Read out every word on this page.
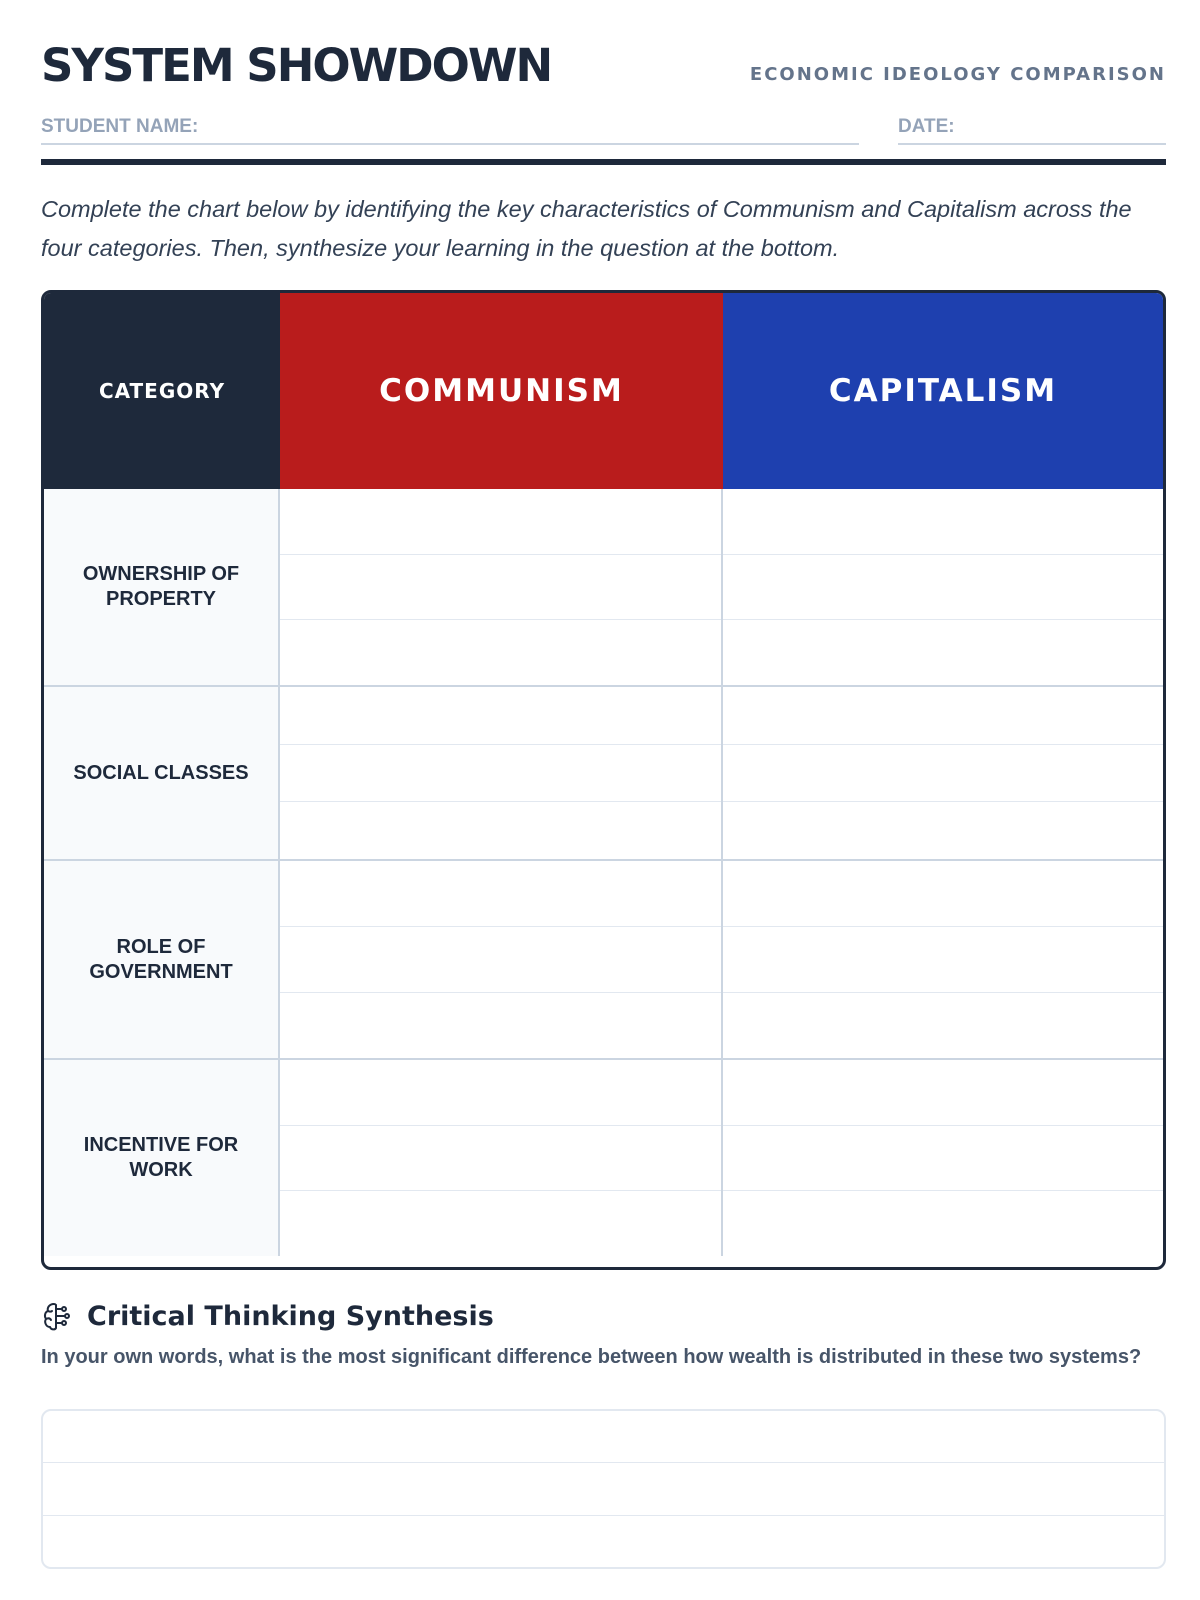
SYSTEM SHOWDOWN	ECONOMIC IDEOLOGY COMPARISON
STUDENT NAME:	DATE:

Complete the chart below by identifying the key characteristics of Communism and Capitalism across the four categories. Then, synthesize your learning in the question at the bottom.

CATEGORY	COMMUNISM	CAPITALISM
OWNERSHIP OF PROPERTY
SOCIAL CLASSES
ROLE OF GOVERNMENT
INCENTIVE FOR WORK
Critical Thinking Synthesis

In your own words, what is the most significant difference between how wealth is distributed in these two systems?
